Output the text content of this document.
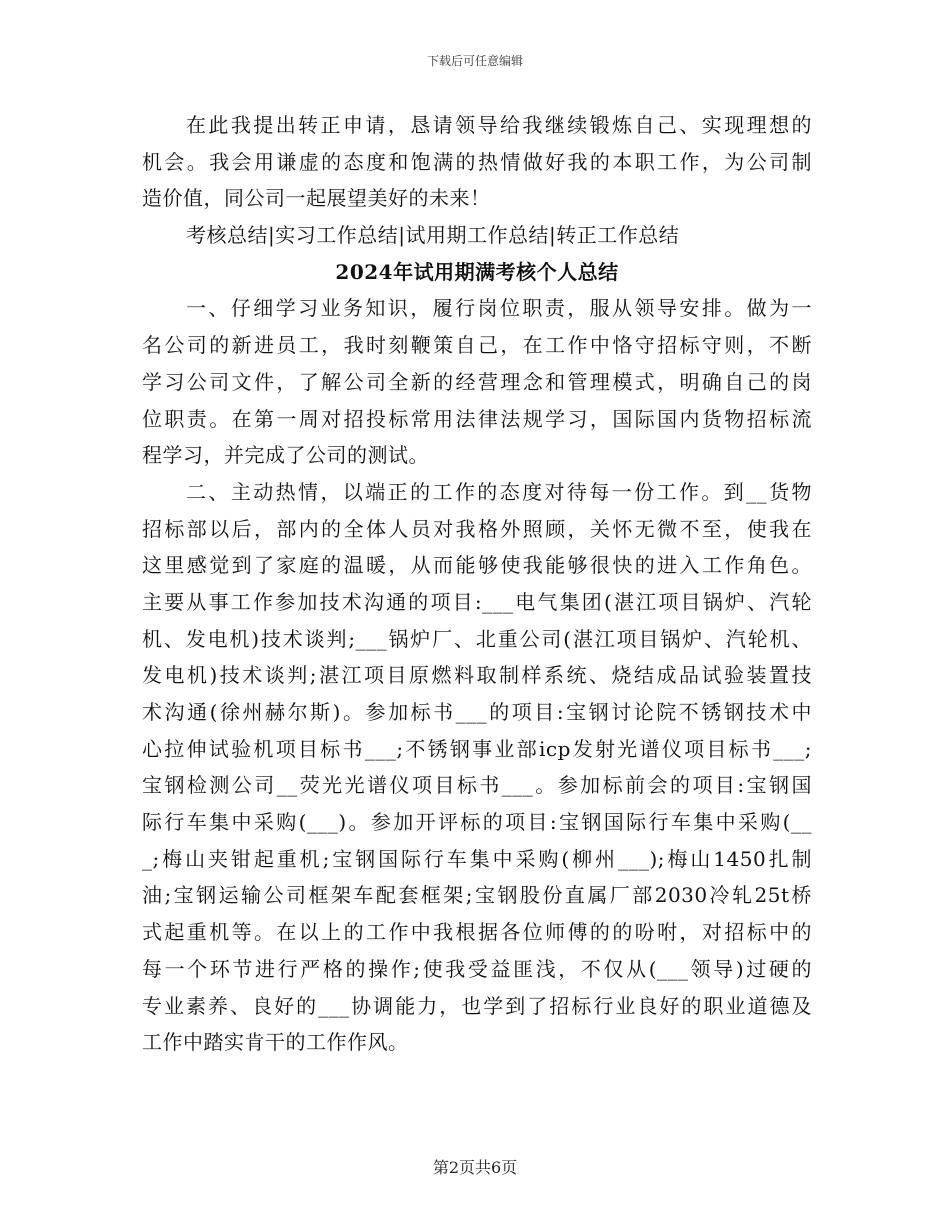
下载后可任意编辑
在此我提出转正申请，恳请领导给我继续锻炼自己、实现理想的
机会。我会用谦虚的态度和饱满的热情做好我的本职工作，为公司制
造价值，同公司一起展望美好的未来！
考核总结|实习工作总结|试用期工作总结|转正工作总结
2024年试用期满考核个人总结
一、仔细学习业务知识，履行岗位职责，服从领导安排。做为一
名公司的新进员工，我时刻鞭策自己，在工作中恪守招标守则，不断
学习公司文件，了解公司全新的经营理念和管理模式，明确自己的岗
位职责。在第一周对招投标常用法律法规学习，国际国内货物招标流
程学习，并完成了公司的测试。
二、主动热情，以端正的工作的态度对待每一份工作。到__货物
招标部以后，部内的全体人员对我格外照顾，关怀无微不至，使我在
这里感觉到了家庭的温暖，从而能够使我能够很快的进入工作角色。
主要从事工作参加技术沟通的项目:___电气集团(湛江项目锅炉、汽轮
机、发电机)技术谈判;___锅炉厂、北重公司(湛江项目锅炉、汽轮机、
发电机)技术谈判;湛江项目原燃料取制样系统、烧结成品试验装置技
术沟通(徐州赫尔斯)。参加标书___的项目:宝钢讨论院不锈钢技术中
心拉伸试验机项目标书___;不锈钢事业部icp发射光谱仪项目标书___;
宝钢检测公司__荧光光谱仪项目标书___。参加标前会的项目:宝钢国
际行车集中采购(___)。参加开评标的项目:宝钢国际行车集中采购(__
_;梅山夹钳起重机;宝钢国际行车集中采购(柳州___);梅山1450扎制
油;宝钢运输公司框架车配套框架;宝钢股份直属厂部2030冷轧25t桥
式起重机等。在以上的工作中我根据各位师傅的的吩咐，对招标中的
每一个环节进行严格的操作;使我受益匪浅，不仅从(___领导)过硬的
专业素养、良好的___协调能力，也学到了招标行业良好的职业道德及
工作中踏实肯干的工作作风。
第2页共6页
